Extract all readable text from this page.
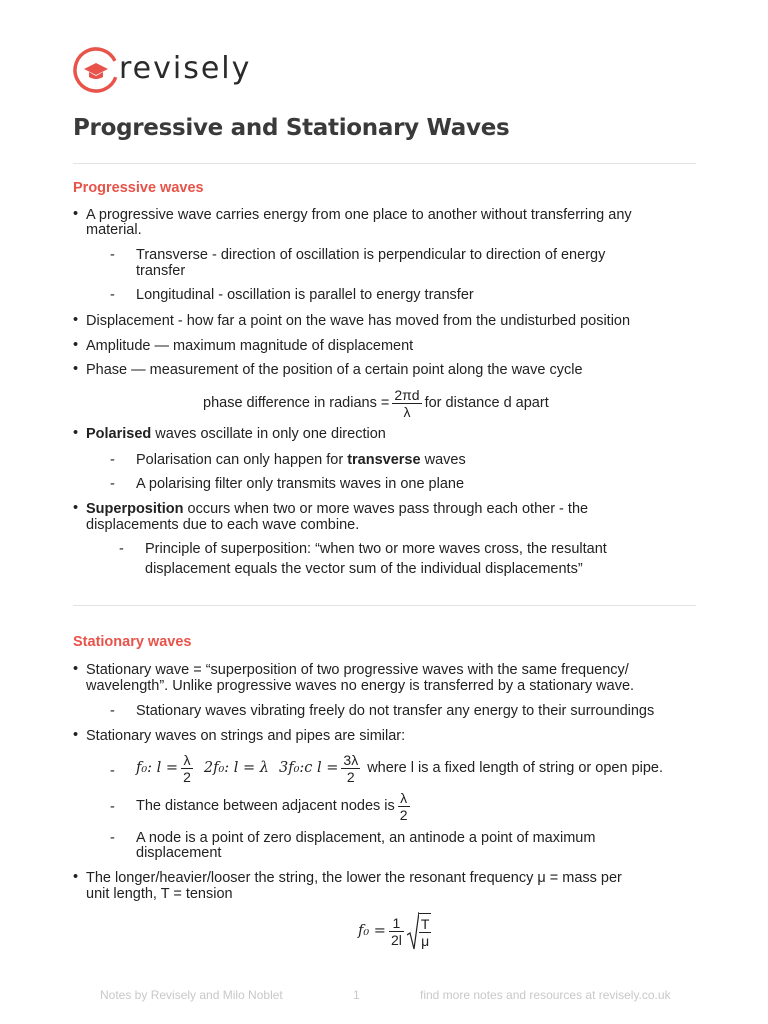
revisely
Progressive and Stationary Waves
Progressive waves
• A progressive wave carries energy from one place to another without transferring any
material.
- Transverse - direction of oscillation is perpendicular to direction of energy
transfer
- Longitudinal - oscillation is parallel to energy transfer
• Displacement - how far a point on the wave has moved from the undisturbed position
• Amplitude — maximum magnitude of displacement
• Phase — measurement of the position of a certain point along the wave cycle
phase difference in radians = $\frac{2\pi d}{\lambda}$ for distance d apart
• Polarised waves oscillate in only one direction
- Polarisation can only happen for transverse waves
- A polarising filter only transmits waves in one plane
• Superposition occurs when two or more waves pass through each other - the
displacements due to each wave combine.
- Principle of superposition: “when two or more waves cross, the resultant
displacement equals the vector sum of the individual displacements”
Stationary waves
• Stationary wave = “superposition of two progressive waves with the same frequency/
wavelength”. Unlike progressive waves no energy is transferred by a stationary wave.
- Stationary waves vibrating freely do not transfer any energy to their surroundings
• Stationary waves on strings and pipes are similar:
- f₀: $l = \frac{\lambda}{2} 2f_0$: l = λ 3f₀:c $l = \frac{3\lambda}{2}$ where l is a fixed length of string or open pipe.
- The distance between adjacent nodes is $\frac{\lambda}{2}$
- A node is a point of zero displacement, an antinode a point of maximum
displacement
• The longer/heavier/looser the string, the lower the resonant frequency μ = mass per
unit length, T = tension
$f_0 = \frac{1}{2l} \frac{T}{\mu}$
Notes by Revisely and Milo Noblet	1	find more notes and resources at revisely.co.uk
